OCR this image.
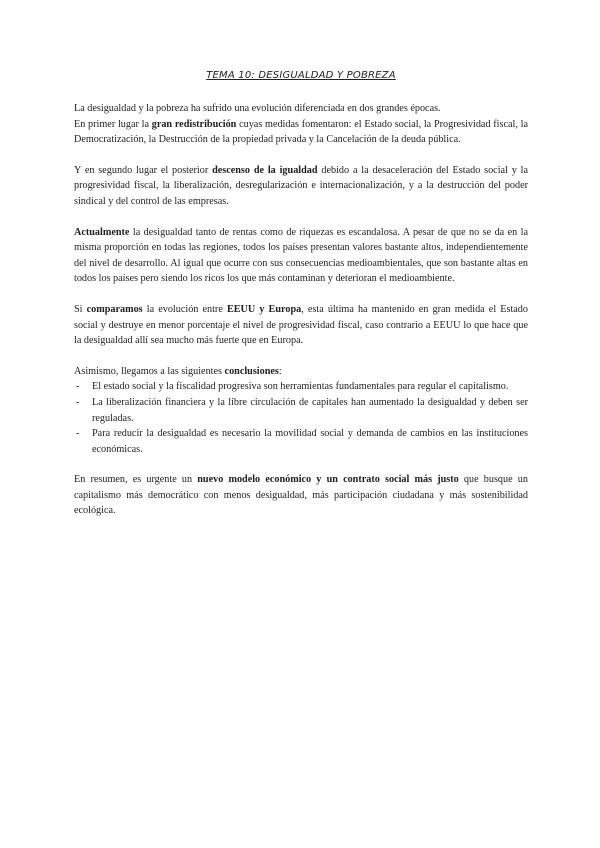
TEMA 10: DESIGUALDAD Y POBREZA

La desigualdad y la pobreza ha sufrido una evolución diferenciada en dos grandes épocas.

En primer lugar la gran redistribución cuyas medidas fomentaron: el Estado social, la Progresividad fiscal, la Democratización, la Destrucción de la propiedad privada y la Cancelación de la deuda pública.

Y en segundo lugar el posterior descenso de la igualdad debido a la desaceleración del Estado social y la progresividad fiscal, la liberalización, desregularización e internacionalización, y a la destrucción del poder sindical y del control de las empresas.

Actualmente la desigualdad tanto de rentas como de riquezas es escandalosa. A pesar de que no se da en la misma proporción en todas las regiones, todos los países presentan valores bastante altos, independientemente del nivel de desarrollo. Al igual que ocurre con sus consecuencias medioambientales, que son bastante altas en todos los países pero siendo los ricos los que más contaminan y deterioran el medioambiente.

Si comparamos la evolución entre EEUU y Europa, esta última ha mantenido en gran medida el Estado social y destruye en menor porcentaje el nivel de progresividad fiscal, caso contrario a EEUU lo que hace que la desigualdad allí sea mucho más fuerte que en Europa.

Asimismo, llegamos a las siguientes conclusiones:

- El estado social y la fiscalidad progresiva son herramientas fundamentales para regular el capitalismo.
- La liberalización financiera y la libre circulación de capitales han aumentado la desigualdad y deben ser reguladas.
- Para reducir la desigualdad es necesario la movilidad social y demanda de cambios en las instituciones económicas.

En resumen, es urgente un nuevo modelo económico y un contrato social más justo que busque un capitalismo más democrático con menos desigualdad, más participación ciudadana y más sostenibilidad ecológica.
